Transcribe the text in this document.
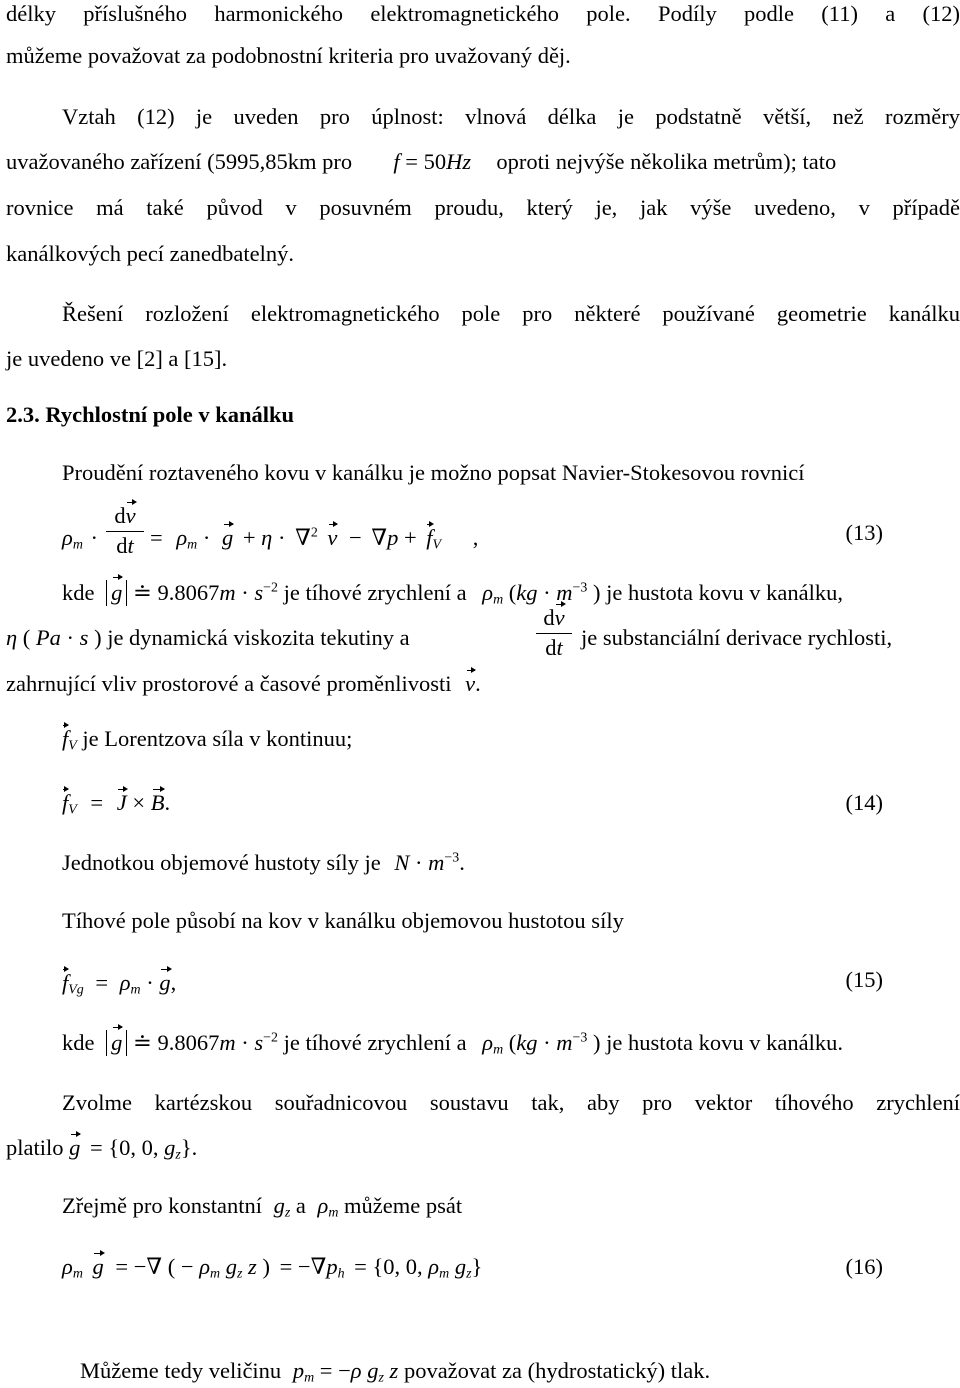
délky příslušného harmonického elektromagnetického pole. Podíly podle (11) a (12)
můžeme považovat za podobnostní kriteria pro uvažovaný děj.
Vztah (12) je uveden pro úplnost: vlnová délka je podstatně větší, než rozměry
uvažovaného zařízení (5995,85km pro f = 50Hz oproti nejvýše několika metrům); tato
rovnice má také původ v posuvném proudu, který je, jak výše uvedeno, v případě
kanálkových pecí zanedbatelný.
Řešení rozložení elektromagnetického pole pro některé používané geometrie kanálku
je uvedeno ve [2] a [15].
2.3. Rychlostní pole v kanálku
Proudění roztaveného kovu v kanálku je možno popsat Navier-Stokesovou rovnicí
$\rho_m$ ·
dv
dt = $\rho_m \cdot g + \eta \cdot \nabla^2$ $v - \nabla p + f_V$ ,	(13)
kde g ≐ $9.8067m \cdot s^{-2}$ je tíhové zrychlení a $\rho_m$ ($kg \cdot m^{-3}$ ) je hustota kovu v kanálku,
η ( Pa · s ) je dynamická viskozita tekutiny a
dv
dt je substanciální derivace rychlosti,
zahrnující vliv prostorové a časové proměnlivosti v.
$f_V$ je Lorentzova síla v kontinuu;
$f_V = J \times B$.	(14)
Jednotkou objemové hustoty síly je $N \cdot m^{-3}$.
Tíhové pole působí na kov v kanálku objemovou hustotou síly
$f_{Vg} = \rho_m \cdot g$,	(15)
kde g ≐ $9.8067m \cdot s^{-2}$ je tíhové zrychlení a $\rho_m$ ($kg \cdot m^{-3}$ ) je hustota kovu v kanálku.
Zvolme kartézskou souřadnicovou soustavu tak, aby pro vektor tíhového zrychlení
platilo g = {0, 0, $g_z$}.
Zřejmě pro konstantní $g_z$ a $\rho_m$ můžeme psát
$\rho_m$ g = −∇ ( − $\rho_m$ $g_z$ z ) = $-\nabla p_h = \{0$, 0, $\rho_m$ $g_z$}	(16)
Můžeme tedy veličinu $p_m = -\rho$ $g_z$ z považovat za (hydrostatický) tlak.
